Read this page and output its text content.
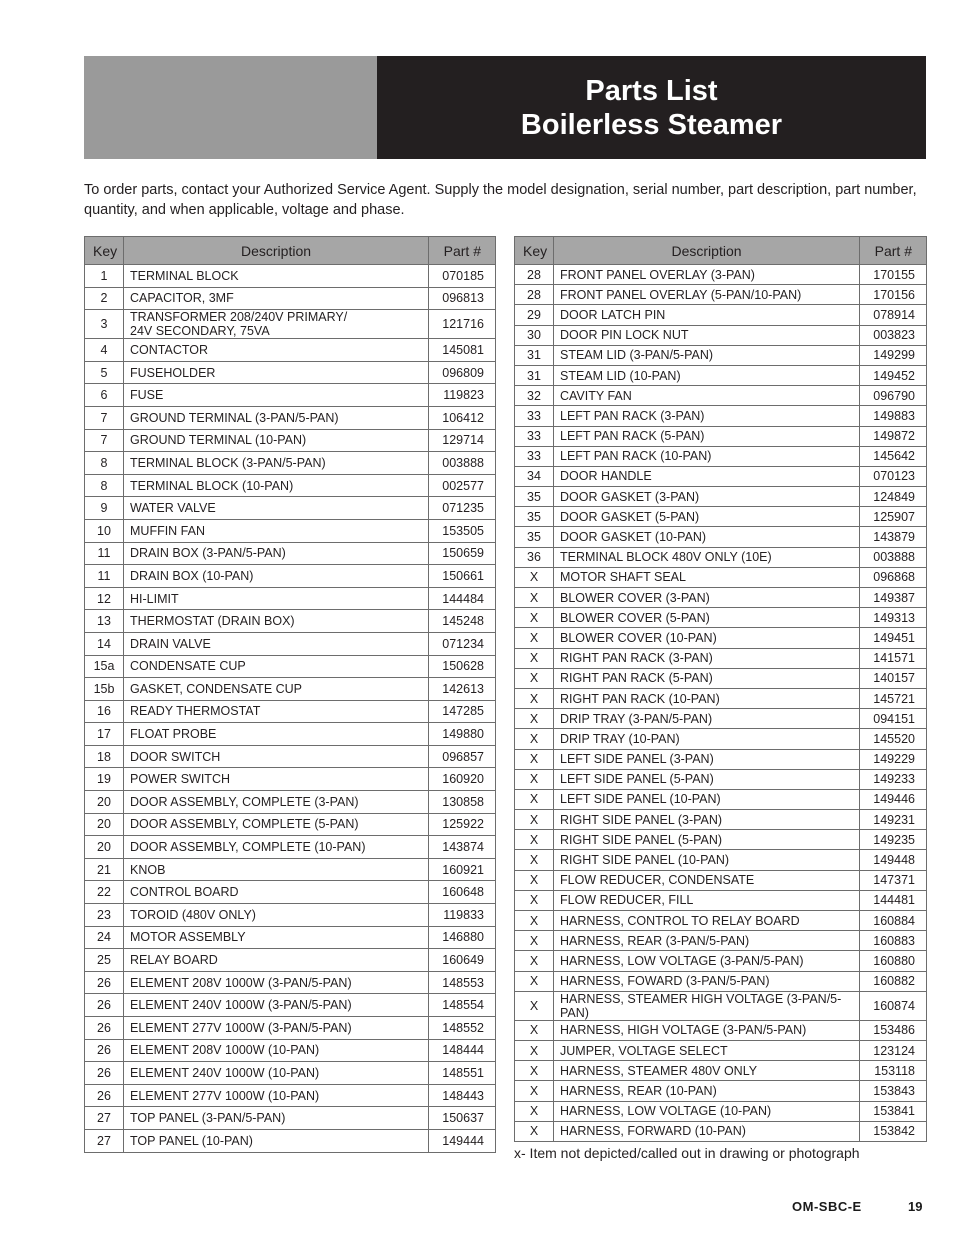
Parts List
Boilerless Steamer
To order parts, contact your Authorized Service Agent. Supply the model designation, serial number, part description, part number, quantity, and when applicable, voltage and phase.
Key	Description	Part #
1	TERMINAL BLOCK	070185
2	CAPACITOR, 3MF	096813
3	TRANSFORMER 208/240V PRIMARY/
24V SECONDARY, 75VA	121716
4	CONTACTOR	145081
5	FUSEHOLDER	096809
6	FUSE	119823
7	GROUND TERMINAL (3-PAN/5-PAN)	106412
7	GROUND TERMINAL (10-PAN)	129714
8	TERMINAL BLOCK (3-PAN/5-PAN)	003888
8	TERMINAL BLOCK (10-PAN)	002577
9	WATER VALVE	071235
10	MUFFIN FAN	153505
11	DRAIN BOX (3-PAN/5-PAN)	150659
11	DRAIN BOX (10-PAN)	150661
12	HI-LIMIT	144484
13	THERMOSTAT (DRAIN BOX)	145248
14	DRAIN VALVE	071234
15a	CONDENSATE CUP	150628
15b	GASKET, CONDENSATE CUP	142613
16	READY THERMOSTAT	147285
17	FLOAT PROBE	149880
18	DOOR SWITCH	096857
19	POWER SWITCH	160920
20	DOOR ASSEMBLY, COMPLETE (3-PAN)	130858
20	DOOR ASSEMBLY, COMPLETE (5-PAN)	125922
20	DOOR ASSEMBLY, COMPLETE (10-PAN)	143874
21	KNOB	160921
22	CONTROL BOARD	160648
23	TOROID (480V ONLY)	119833
24	MOTOR ASSEMBLY	146880
25	RELAY BOARD	160649
26	ELEMENT 208V 1000W (3-PAN/5-PAN)	148553
26	ELEMENT 240V 1000W (3-PAN/5-PAN)	148554
26	ELEMENT 277V 1000W (3-PAN/5-PAN)	148552
26	ELEMENT 208V 1000W (10-PAN)	148444
26	ELEMENT 240V 1000W (10-PAN)	148551
26	ELEMENT 277V 1000W (10-PAN)	148443
27	TOP PANEL (3-PAN/5-PAN)	150637
27	TOP PANEL (10-PAN)	149444
Key	Description	Part #
28	FRONT PANEL OVERLAY (3-PAN)	170155
28	FRONT PANEL OVERLAY (5-PAN/10-PAN)	170156
29	DOOR LATCH PIN	078914
30	DOOR PIN LOCK NUT	003823
31	STEAM LID (3-PAN/5-PAN)	149299
31	STEAM LID (10-PAN)	149452
32	CAVITY FAN	096790
33	LEFT PAN RACK (3-PAN)	149883
33	LEFT PAN RACK (5-PAN)	149872
33	LEFT PAN RACK (10-PAN)	145642
34	DOOR HANDLE	070123
35	DOOR GASKET (3-PAN)	124849
35	DOOR GASKET (5-PAN)	125907
35	DOOR GASKET (10-PAN)	143879
36	TERMINAL BLOCK 480V ONLY (10E)	003888
X	MOTOR SHAFT SEAL	096868
X	BLOWER COVER (3-PAN)	149387
X	BLOWER COVER (5-PAN)	149313
X	BLOWER COVER (10-PAN)	149451
X	RIGHT PAN RACK (3-PAN)	141571
X	RIGHT PAN RACK (5-PAN)	140157
X	RIGHT PAN RACK (10-PAN)	145721
X	DRIP TRAY (3-PAN/5-PAN)	094151
X	DRIP TRAY (10-PAN)	145520
X	LEFT SIDE PANEL (3-PAN)	149229
X	LEFT SIDE PANEL (5-PAN)	149233
X	LEFT SIDE PANEL (10-PAN)	149446
X	RIGHT SIDE PANEL (3-PAN)	149231
X	RIGHT SIDE PANEL (5-PAN)	149235
X	RIGHT SIDE PANEL (10-PAN)	149448
X	FLOW REDUCER, CONDENSATE	147371
X	FLOW REDUCER, FILL	144481
X	HARNESS, CONTROL TO RELAY BOARD	160884
X	HARNESS, REAR (3-PAN/5-PAN)	160883
X	HARNESS, LOW VOLTAGE (3-PAN/5-PAN)	160880
X	HARNESS, FOWARD (3-PAN/5-PAN)	160882
X	HARNESS, STEAMER HIGH VOLTAGE (3-PAN/5-PAN)	160874
X	HARNESS, HIGH VOLTAGE (3-PAN/5-PAN)	153486
X	JUMPER, VOLTAGE SELECT	123124
X	HARNESS, STEAMER 480V ONLY	153118
X	HARNESS, REAR (10-PAN)	153843
X	HARNESS, LOW VOLTAGE (10-PAN)	153841
X	HARNESS, FORWARD (10-PAN)	153842
x- Item not depicted/called out in drawing or photograph
OM-SBC-E	19
